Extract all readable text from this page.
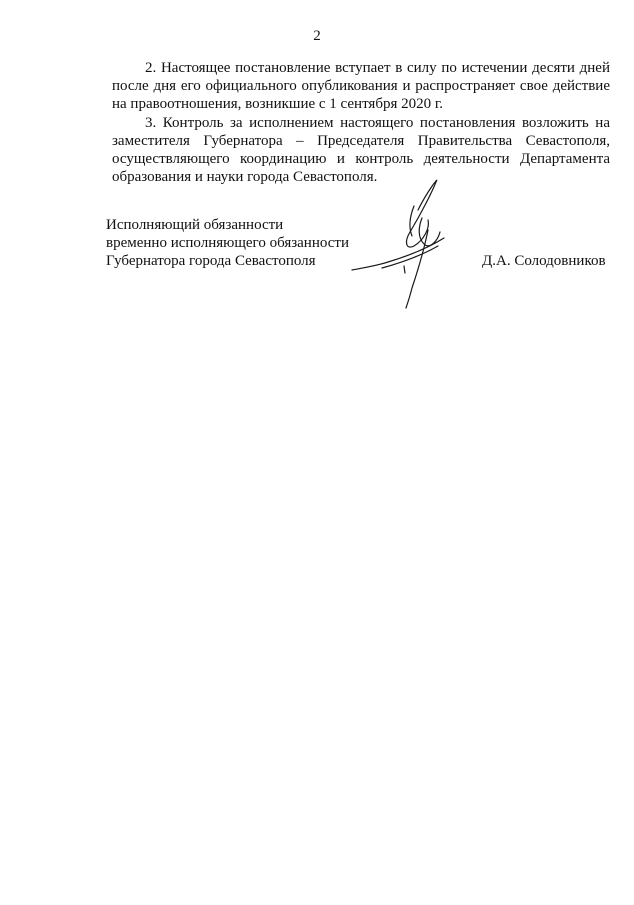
2

2. Настоящее постановление вступает в силу по истечении десяти дней после дня его официального опубликования и распространяет свое действие на правоотношения, возникшие с 1 сентября 2020 г.

3. Контроль за исполнением настоящего постановления возложить на заместителя Губернатора – Председателя Правительства Севастополя, осуществляющего координацию и контроль деятельности Департамента образования и науки города Севастополя.

Исполняющий обязанности
временно исполняющего обязанности
Губернатора города Севастополя	Д.А. Солодовников
